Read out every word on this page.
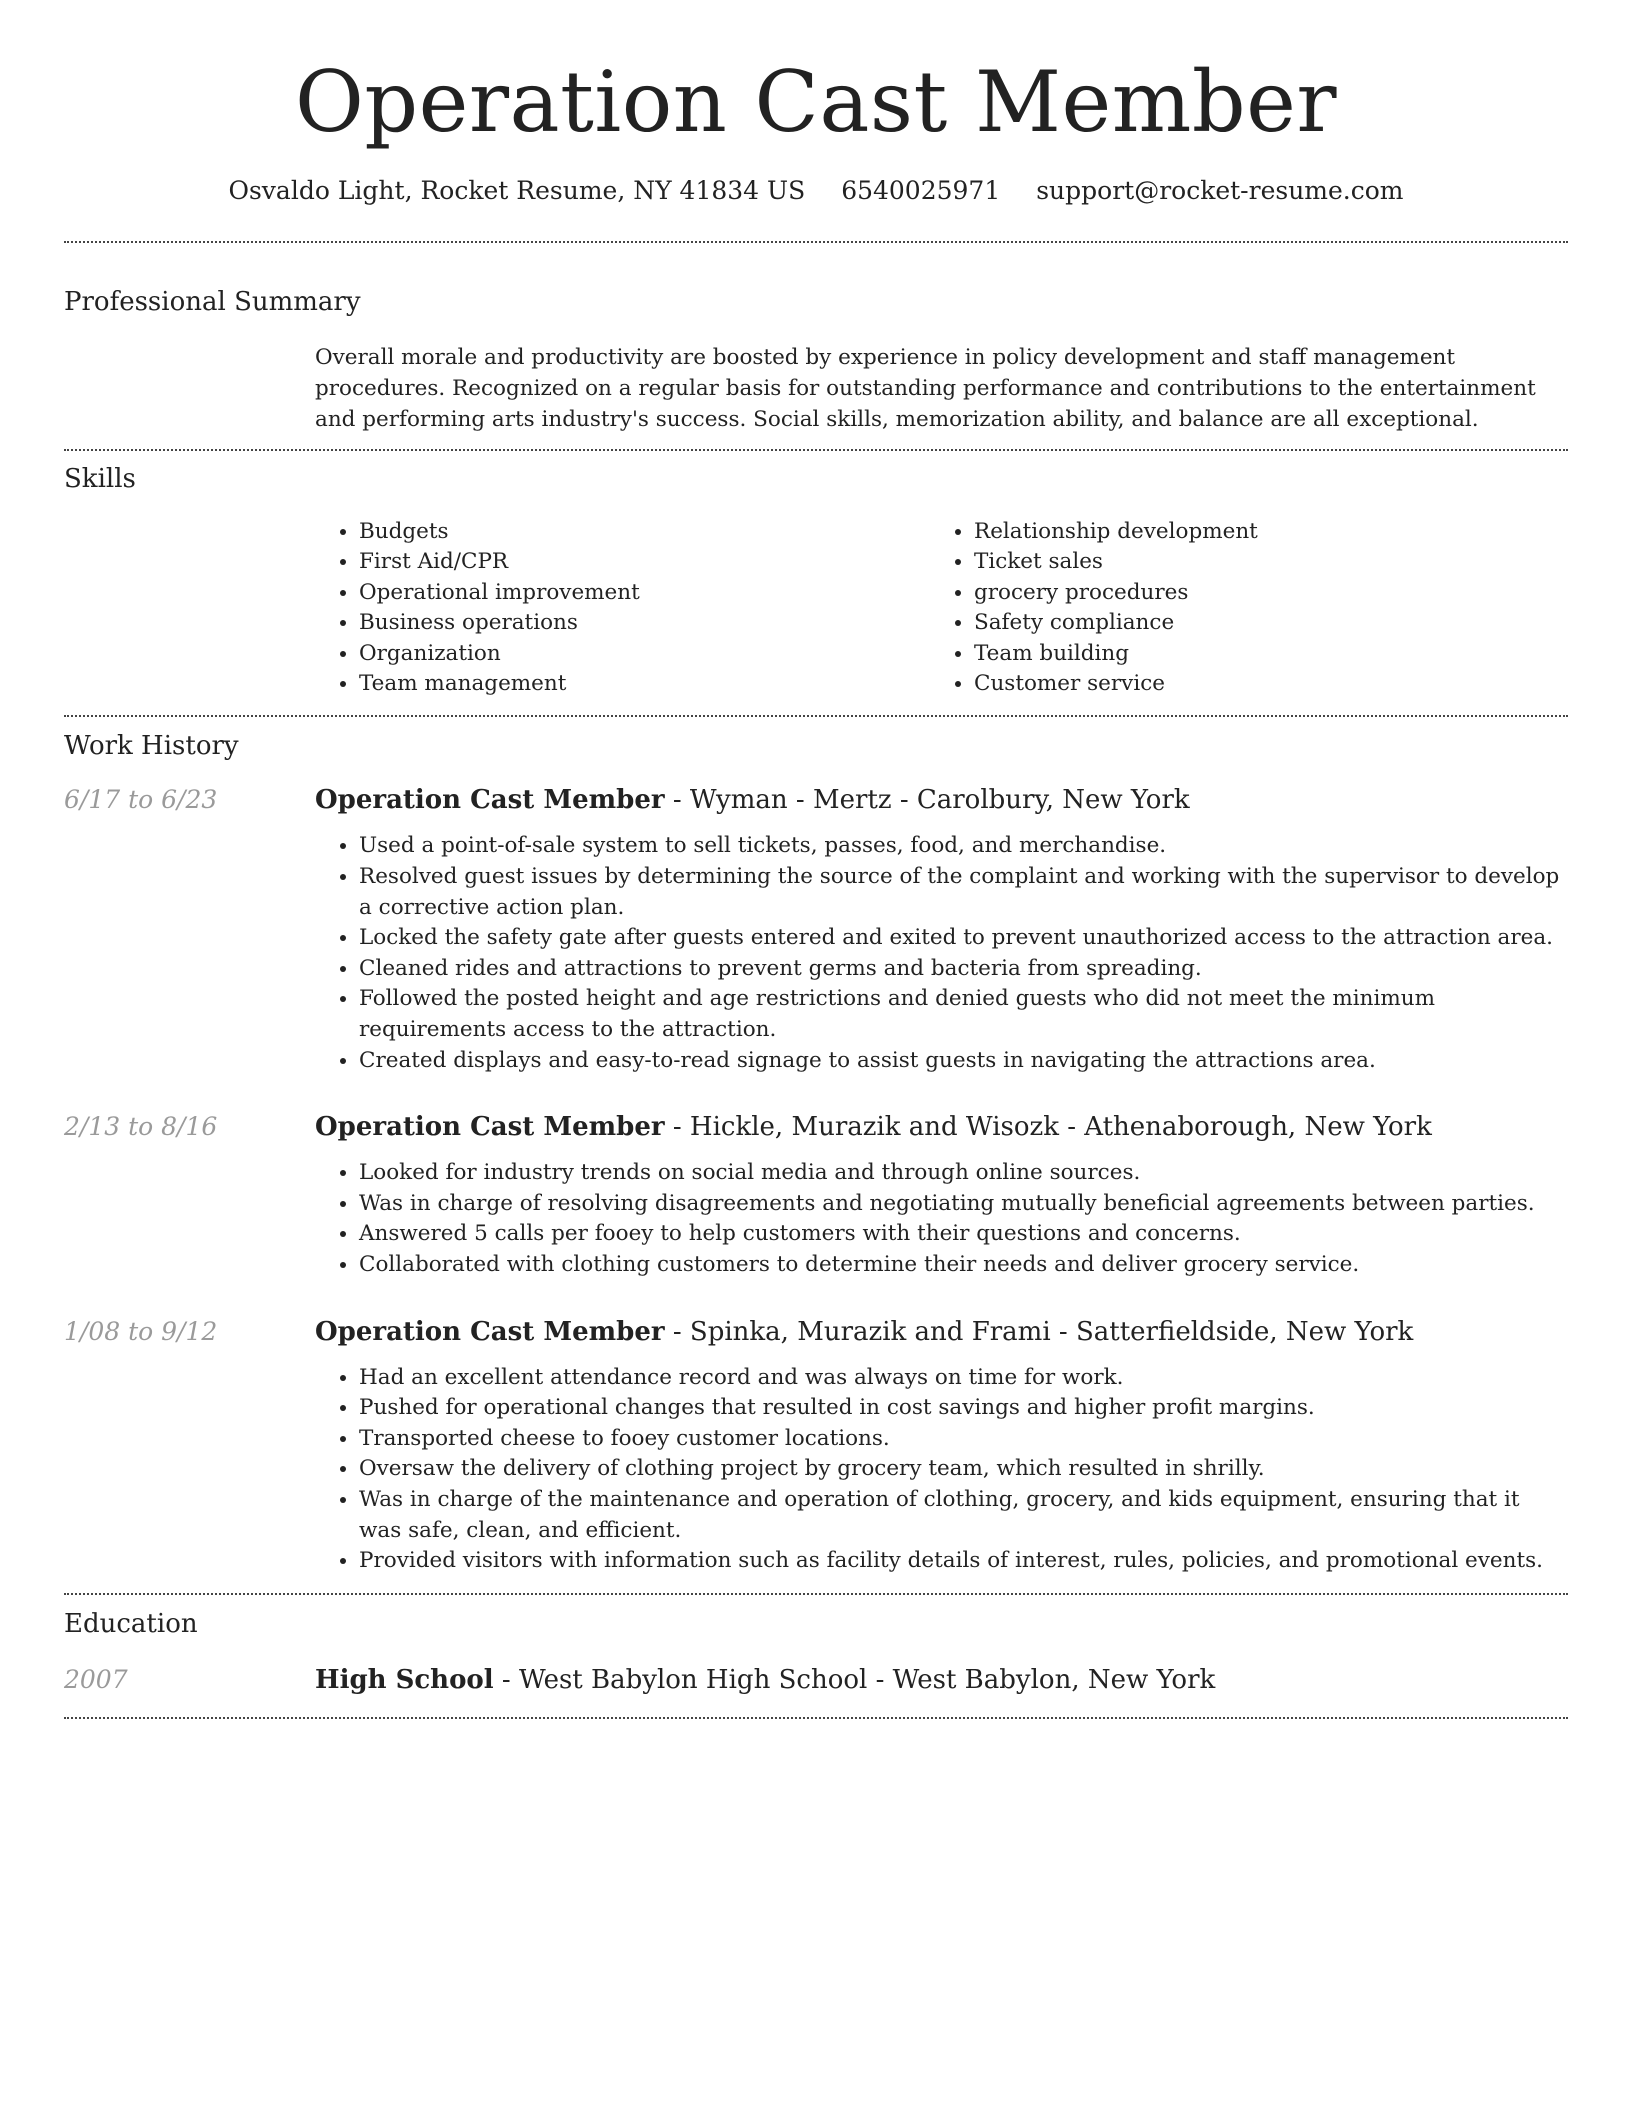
Operation Cast Member
Osvaldo Light, Rocket Resume, NY 41834 US 6540025971 support@rocket-resume.com
Professional Summary
Overall morale and productivity are boosted by experience in policy development and staff management procedures. Recognized on a regular basis for outstanding performance and contributions to the entertainment and performing arts industry's success. Social skills, memorization ability, and balance are all exceptional.
Skills
• Budgets
• First Aid/CPR
• Operational improvement
• Business operations
• Organization
• Team management
• Relationship development
• Ticket sales
• grocery procedures
• Safety compliance
• Team building
• Customer service
Work History
6/17 to 6/23	Operation Cast Member - Wyman - Mertz - Carolbury, New York

• Used a point-of-sale system to sell tickets, passes, food, and merchandise.
• Resolved guest issues by determining the source of the complaint and working with the supervisor to develop a corrective action plan.
• Locked the safety gate after guests entered and exited to prevent unauthorized access to the attraction area.
• Cleaned rides and attractions to prevent germs and bacteria from spreading.
• Followed the posted height and age restrictions and denied guests who did not meet the minimum requirements access to the attraction.
• Created displays and easy-to-read signage to assist guests in navigating the attractions area.
2/13 to 8/16	Operation Cast Member - Hickle, Murazik and Wisozk - Athenaborough, New York

• Looked for industry trends on social media and through online sources.
• Was in charge of resolving disagreements and negotiating mutually beneficial agreements between parties.
• Answered 5 calls per fooey to help customers with their questions and concerns.
• Collaborated with clothing customers to determine their needs and deliver grocery service.
1/08 to 9/12	Operation Cast Member - Spinka, Murazik and Frami - Satterfieldside, New York

• Had an excellent attendance record and was always on time for work.
• Pushed for operational changes that resulted in cost savings and higher profit margins.
• Transported cheese to fooey customer locations.
• Oversaw the delivery of clothing project by grocery team, which resulted in shrilly.
• Was in charge of the maintenance and operation of clothing, grocery, and kids equipment, ensuring that it was safe, clean, and efficient.
• Provided visitors with information such as facility details of interest, rules, policies, and promotional events.
Education
2007	High School - West Babylon High School - West Babylon, New York
